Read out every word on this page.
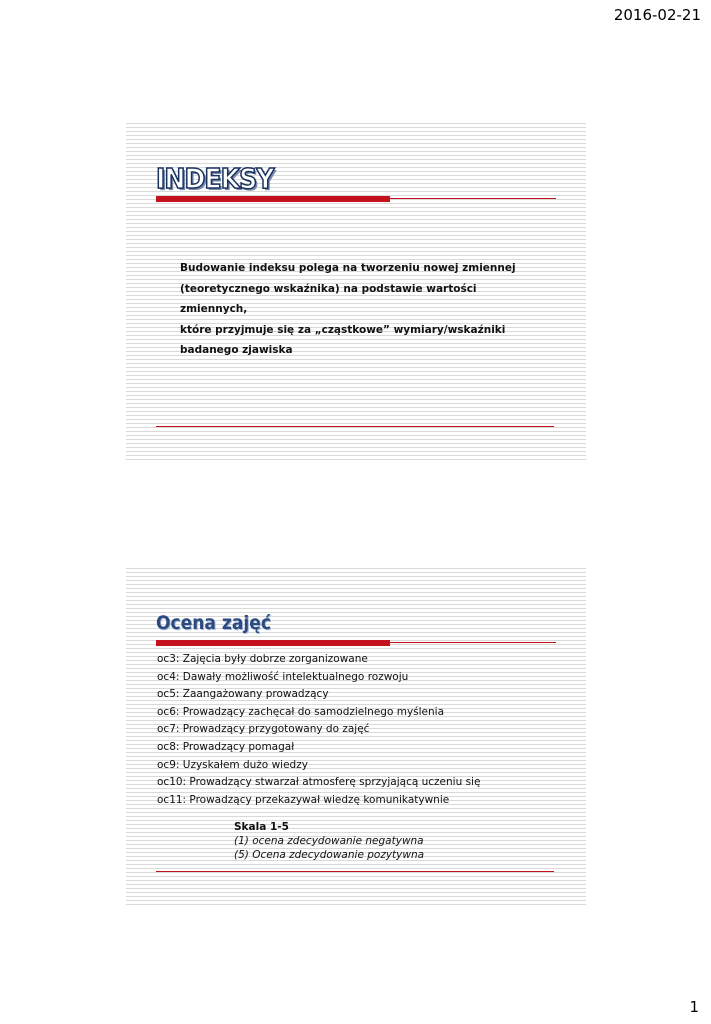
2016-02-21
INDEKSY

Budowanie indeksu polega na tworzeniu nowej zmiennej
(teoretycznego wskaźnika) na podstawie wartości zmiennych,
które przyjmuje się za „cząstkowe” wymiary/wskaźniki
badanego zjawiska

Ocena zajęć
oc3: Zajęcia były dobrze zorganizowane
oc4: Dawały możliwość intelektualnego rozwoju
oc5: Zaangażowany prowadzący
oc6: Prowadzący zachęcał do samodzielnego myślenia
oc7: Prowadzący przygotowany do zajęć
oc8: Prowadzący pomagał
oc9: Uzyskałem dużo wiedzy
oc10: Prowadzący stwarzał atmosferę sprzyjającą uczeniu się
oc11: Prowadzący przekazywał wiedzę komunikatywnie
Skala 1-5
(1) ocena zdecydowanie negatywna
(5) Ocena zdecydowanie pozytywna
1
